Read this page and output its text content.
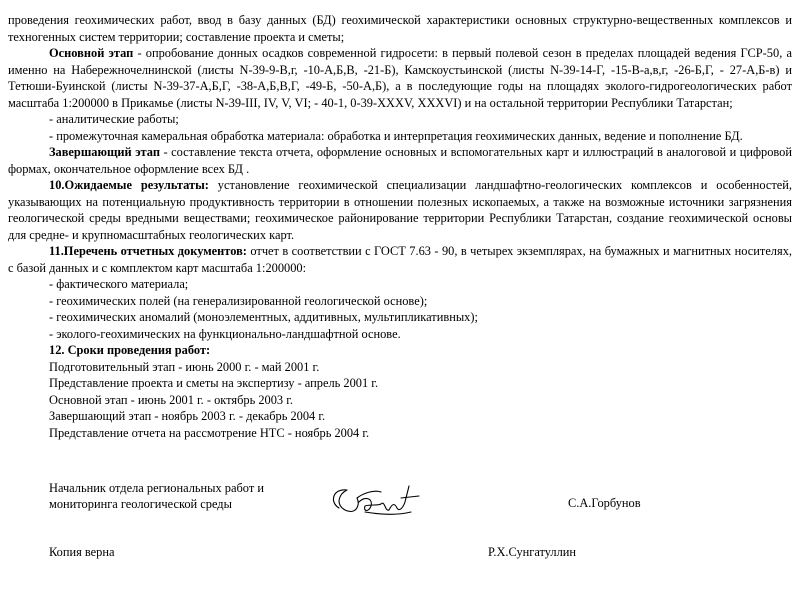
проведения геохимических работ, ввод в базу данных (БД) геохимической характеристики основных структурно-вещественных комплексов и техногенных систем территории; составление проекта и сметы;

Основной этап - опробование донных осадков современной гидросети: в первый полевой сезон в пределах площадей ведения ГСР-50, а именно на Набережночелнинской (листы N-39-9-В,г, -10-А,Б,В, -21-Б), Камскоустьинской (листы N-39-14-Г, -15-В-а,в,г, -26-Б,Г, - 27-А,Б-в) и Тетюши-Буинской (листы N-39-37-А,Б,Г, -38-А,Б,В,Г, -49-Б, -50-А,Б), а в последующие годы на площадях эколого-гидрогеологических работ масштаба 1:200000 в Прикамье (листы N-39-III, IV, V, VI; - 40-1, 0-39-XXXV, XXXVI) и на остальной территории Республики Татарстан;

- аналитические работы;

- промежуточная камеральная обработка материала: обработка и интерпретация геохимических данных, ведение и пополнение БД.

Завершающий этап - составление текста отчета, оформление основных и вспомогательных карт и иллюстраций в аналоговой и цифровой формах, окончательное оформление всех БД .

10.Ожидаемые результаты: установление геохимической специализации ландшафтно-геологических комплексов и особенностей, указывающих на потенциальную продуктивность территории в отношении полезных ископаемых, а также на возможные источники загрязнения геологической среды вредными веществами; геохимическое районирование территории Республики Татарстан, создание геохимической основы для средне- и крупномасштабных геологических карт.

11.Перечень отчетных документов: отчет в соответствии с ГОСТ 7.63 - 90, в четырех экземплярах, на бумажных и магнитных носителях, с базой данных и с комплектом карт масштаба 1:200000:

- фактического материала;

- геохимических полей (на генерализированной геологической основе);

- геохимических аномалий (моноэлементных, аддитивных, мультипликативных);

- эколого-геохимических на функционально-ландшафтной основе.

12. Сроки проведения работ:

Подготовительный этап - июнь 2000 г. - май 2001 г.

Представление проекта и сметы на экспертизу - апрель 2001 г.

Основной этап - июнь 2001 г. - октябрь 2003 г.

Завершающий этап - ноябрь 2003 г. - декабрь 2004 г.

Представление отчета на рассмотрение НТС - ноябрь 2004 г.

Начальник отдела региональных работ и
мониторинга геологической среды	С.А.Горбунов
Копия верна	Р.Х.Сунгатуллин
